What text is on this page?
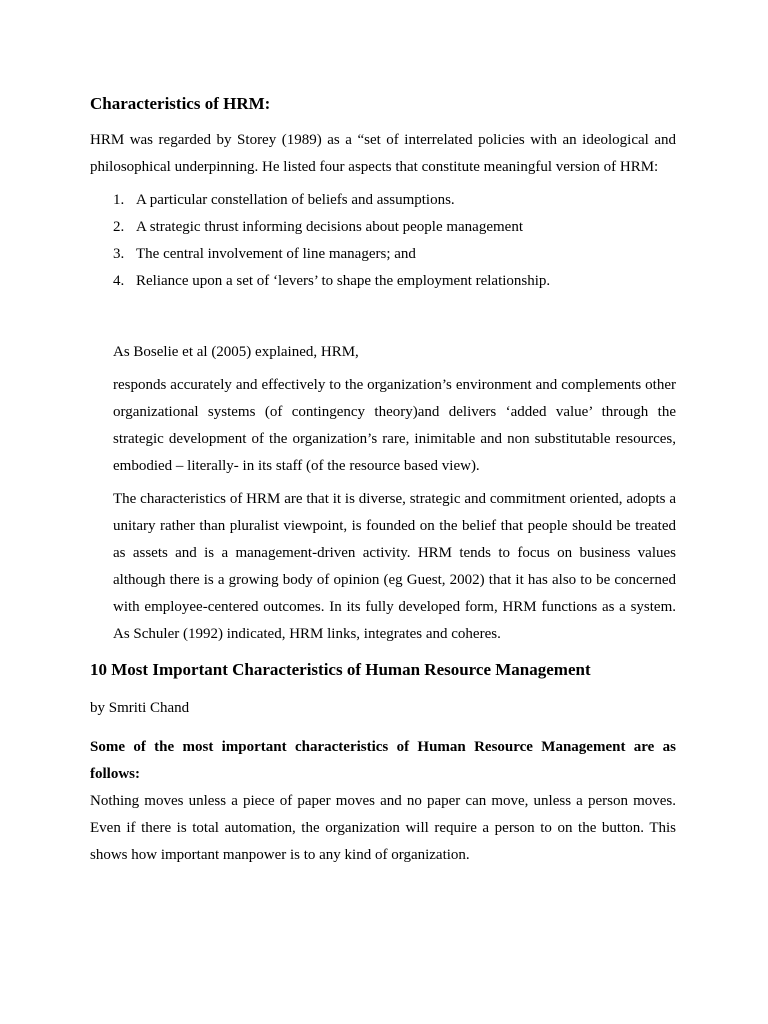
Characteristics of HRM:

HRM was regarded by Storey (1989) as a “set of interrelated policies with an ideological and philosophical underpinning. He listed four aspects that constitute meaningful version of HRM:

1. A particular constellation of beliefs and assumptions.
2. A strategic thrust informing decisions about people management
3. The central involvement of line managers; and
4. Reliance upon a set of ‘levers’ to shape the employment relationship.

As Boselie et al (2005) explained, HRM,

responds accurately and effectively to the organization’s environment and complements other organizational systems (of contingency theory)and delivers ‘added value’ through the strategic development of the organization’s rare, inimitable and non substitutable resources, embodied – literally- in its staff (of the resource based view).

The characteristics of HRM are that it is diverse, strategic and commitment oriented, adopts a unitary rather than pluralist viewpoint, is founded on the belief that people should be treated as assets and is a management-driven activity. HRM tends to focus on business values although there is a growing body of opinion (eg Guest, 2002) that it has also to be concerned with employee-centered outcomes. In its fully developed form, HRM functions as a system. As Schuler (1992) indicated, HRM links, integrates and coheres.

10 Most Important Characteristics of Human Resource Management

by Smriti Chand

Some of the most important characteristics of Human Resource Management are as follows:

Nothing moves unless a piece of paper moves and no paper can move, unless a person moves. Even if there is total automation, the organization will require a person to on the button. This shows how important manpower is to any kind of organization.
